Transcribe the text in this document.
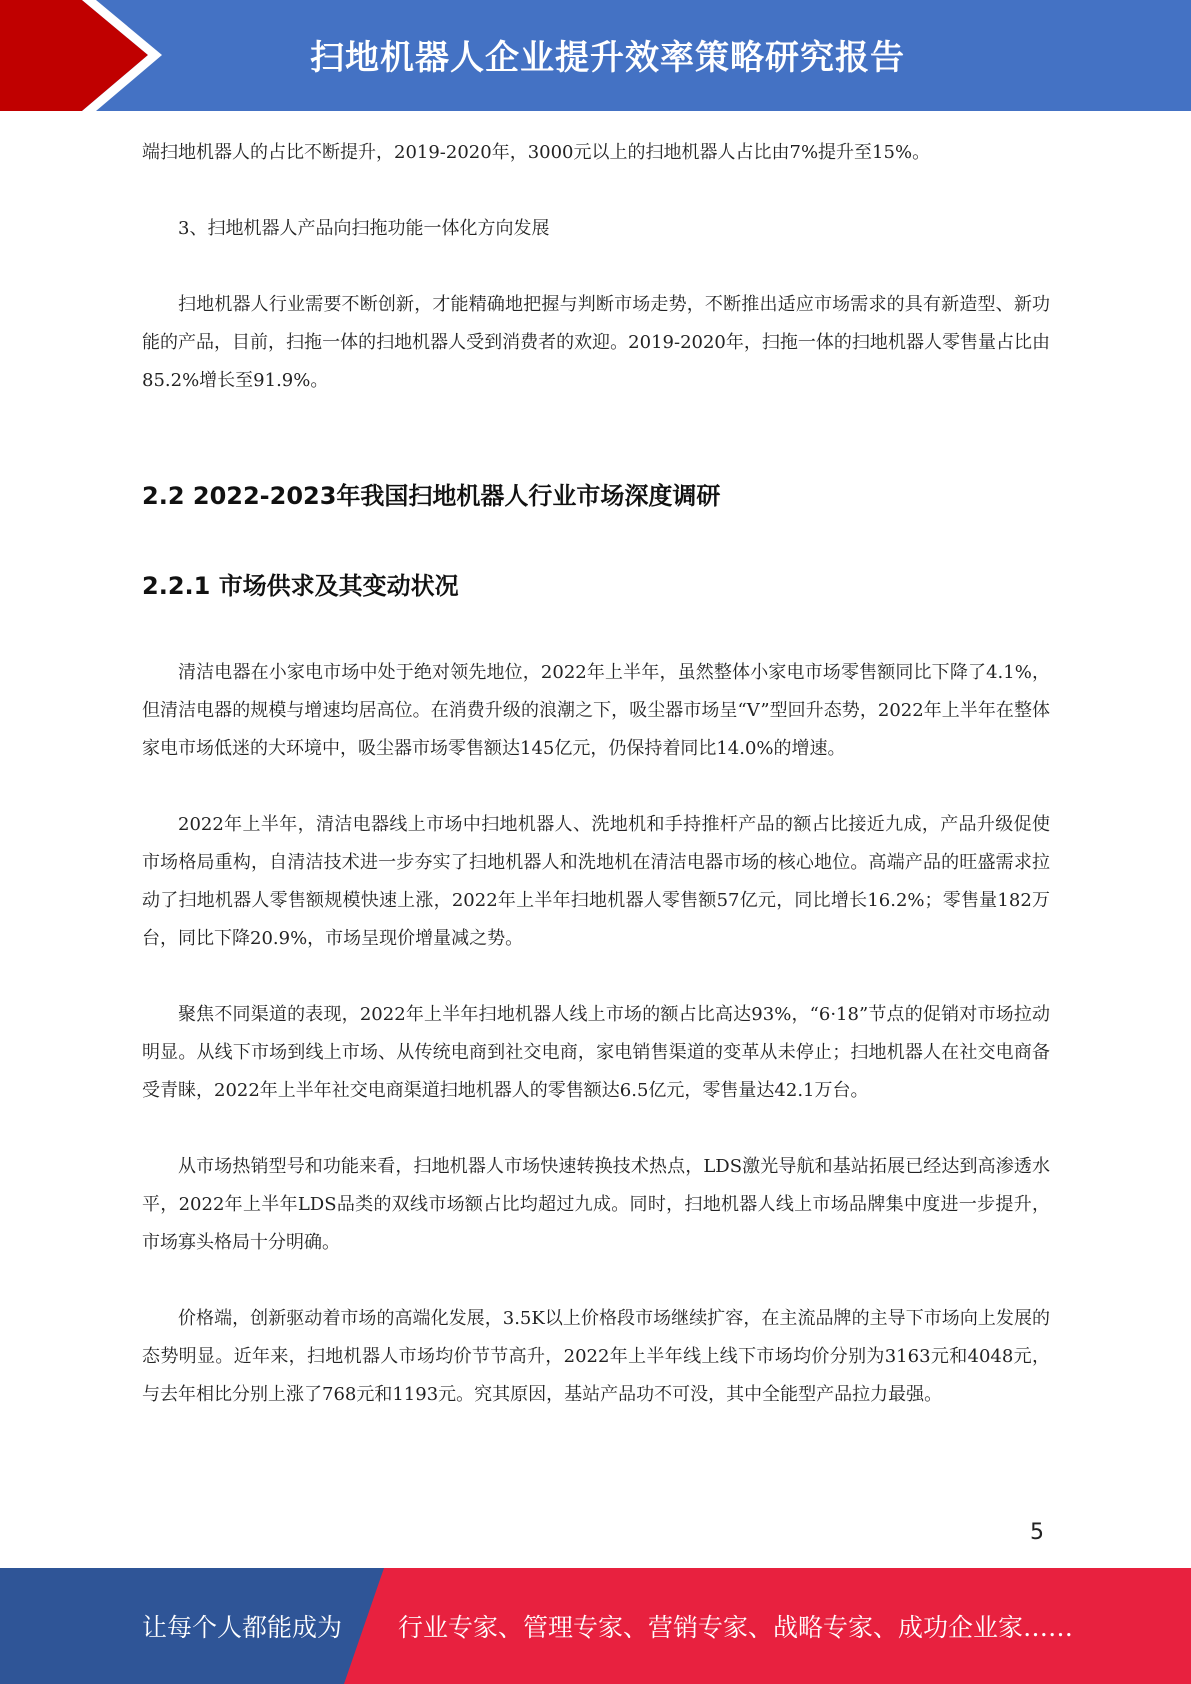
扫地机器人企业提升效率策略研究报告

端扫地机器人的占比不断提升，2019-2020年，3000元以上的扫地机器人占比由7%提升至15%。

3、扫地机器人产品向扫拖功能一体化方向发展

扫地机器人行业需要不断创新，才能精确地把握与判断市场走势，不断推出适应市场需求的具有新造型、新功能的产品，目前，扫拖一体的扫地机器人受到消费者的欢迎。2019-2020年，扫拖一体的扫地机器人零售量占比由85.2%增长至91.9%。

2.2 2022-2023年我国扫地机器人行业市场深度调研
2.2.1 市场供求及其变动状况

清洁电器在小家电市场中处于绝对领先地位，2022年上半年，虽然整体小家电市场零售额同比下降了4.1%，但清洁电器的规模与增速均居高位。在消费升级的浪潮之下，吸尘器市场呈“V”型回升态势，2022年上半年在整体家电市场低迷的大环境中，吸尘器市场零售额达145亿元，仍保持着同比14.0%的增速。

2022年上半年，清洁电器线上市场中扫地机器人、洗地机和手持推杆产品的额占比接近九成，产品升级促使市场格局重构，自清洁技术进一步夯实了扫地机器人和洗地机在清洁电器市场的核心地位。高端产品的旺盛需求拉动了扫地机器人零售额规模快速上涨，2022年上半年扫地机器人零售额57亿元，同比增长16.2%；零售量182万台，同比下降20.9%，市场呈现价增量减之势。

聚焦不同渠道的表现，2022年上半年扫地机器人线上市场的额占比高达93%，“6·18”节点的促销对市场拉动明显。从线下市场到线上市场、从传统电商到社交电商，家电销售渠道的变革从未停止；扫地机器人在社交电商备受青睐，2022年上半年社交电商渠道扫地机器人的零售额达6.5亿元，零售量达42.1万台。

从市场热销型号和功能来看，扫地机器人市场快速转换技术热点，LDS激光导航和基站拓展已经达到高渗透水平，2022年上半年LDS品类的双线市场额占比均超过九成。同时，扫地机器人线上市场品牌集中度进一步提升，市场寡头格局十分明确。

价格端，创新驱动着市场的高端化发展，3.5K以上价格段市场继续扩容，在主流品牌的主导下市场向上发展的态势明显。近年来，扫地机器人市场均价节节高升，2022年上半年线上线下市场均价分别为3163元和4048元，与去年相比分别上涨了768元和1193元。究其原因，基站产品功不可没，其中全能型产品拉力最强。

5
让每个人都能成为 行业专家、管理专家、营销专家、战略专家、成功企业家……
